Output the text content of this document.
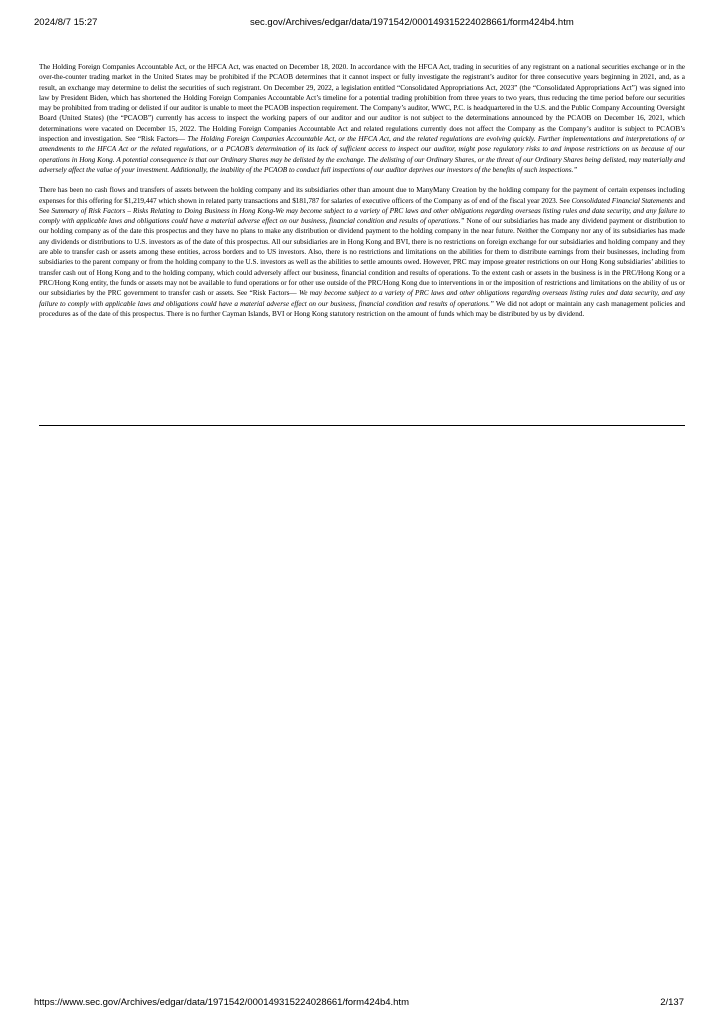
2024/8/7 15:27	sec.gov/Archives/edgar/data/1971542/000149315224028661/form424b4.htm

The Holding Foreign Companies Accountable Act, or the HFCA Act, was enacted on December 18, 2020. In accordance with the HFCA Act, trading in securities of any registrant on a national securities exchange or in the over-the-counter trading market in the United States may be prohibited if the PCAOB determines that it cannot inspect or fully investigate the registrant’s auditor for three consecutive years beginning in 2021, and, as a result, an exchange may determine to delist the securities of such registrant. On December 29, 2022, a legislation entitled “Consolidated Appropriations Act, 2023” (the “Consolidated Appropriations Act”) was signed into law by President Biden, which has shortened the Holding Foreign Companies Accountable Act’s timeline for a potential trading prohibition from three years to two years, thus reducing the time period before our securities may be prohibited from trading or delisted if our auditor is unable to meet the PCAOB inspection requirement. The Company’s auditor, WWC, P.C. is headquartered in the U.S. and the Public Company Accounting Oversight Board (United States) (the “PCAOB”) currently has access to inspect the working papers of our auditor and our auditor is not subject to the determinations announced by the PCAOB on December 16, 2021, which determinations were vacated on December 15, 2022. The Holding Foreign Companies Accountable Act and related regulations currently does not affect the Company as the Company’s auditor is subject to PCAOB’s inspection and investigation. See “Risk Factors— The Holding Foreign Companies Accountable Act, or the HFCA Act, and the related regulations are evolving quickly. Further implementations and interpretations of or amendments to the HFCA Act or the related regulations, or a PCAOB’s determination of its lack of sufficient access to inspect our auditor, might pose regulatory risks to and impose restrictions on us because of our operations in Hong Kong. A potential consequence is that our Ordinary Shares may be delisted by the exchange. The delisting of our Ordinary Shares, or the threat of our Ordinary Shares being delisted, may materially and adversely affect the value of your investment. Additionally, the inability of the PCAOB to conduct full inspections of our auditor deprives our investors of the benefits of such inspections.”

There has been no cash flows and transfers of assets between the holding company and its subsidiaries other than amount due to ManyMany Creation by the holding company for the payment of certain expenses including expenses for this offering for $1,219,447 which shown in related party transactions and $181,787 for salaries of executive officers of the Company as of end of the fiscal year 2023. See Consolidated Financial Statements and See Summary of Risk Factors – Risks Relating to Doing Business in Hong Kong-We may become subject to a variety of PRC laws and other obligations regarding overseas listing rules and data security, and any failure to comply with applicable laws and obligations could have a material adverse effect on our business, financial condition and results of operations.” None of our subsidiaries has made any dividend payment or distribution to our holding company as of the date this prospectus and they have no plans to make any distribution or dividend payment to the holding company in the near future. Neither the Company nor any of its subsidiaries has made any dividends or distributions to U.S. investors as of the date of this prospectus. All our subsidiaries are in Hong Kong and BVI, there is no restrictions on foreign exchange for our subsidiaries and holding company and they are able to transfer cash or assets among these entities, across borders and to US investors. Also, there is no restrictions and limitations on the abilities for them to distribute earnings from their businesses, including from subsidiaries to the parent company or from the holding company to the U.S. investors as well as the abilities to settle amounts owed. However, PRC may impose greater restrictions on our Hong Kong subsidiaries’ abilities to transfer cash out of Hong Kong and to the holding company, which could adversely affect our business, financial condition and results of operations. To the extent cash or assets in the business is in the PRC/Hong Kong or a PRC/Hong Kong entity, the funds or assets may not be available to fund operations or for other use outside of the PRC/Hong Kong due to interventions in or the imposition of restrictions and limitations on the ability of us or our subsidiaries by the PRC government to transfer cash or assets. See “Risk Factors— We may become subject to a variety of PRC laws and other obligations regarding overseas listing rules and data security, and any failure to comply with applicable laws and obligations could have a material adverse effect on our business, financial condition and results of operations.” We did not adopt or maintain any cash management policies and procedures as of the date of this prospectus. There is no further Cayman Islands, BVI or Hong Kong statutory restriction on the amount of funds which may be distributed by us by dividend.

https://www.sec.gov/Archives/edgar/data/1971542/000149315224028661/form424b4.htm	2/137
